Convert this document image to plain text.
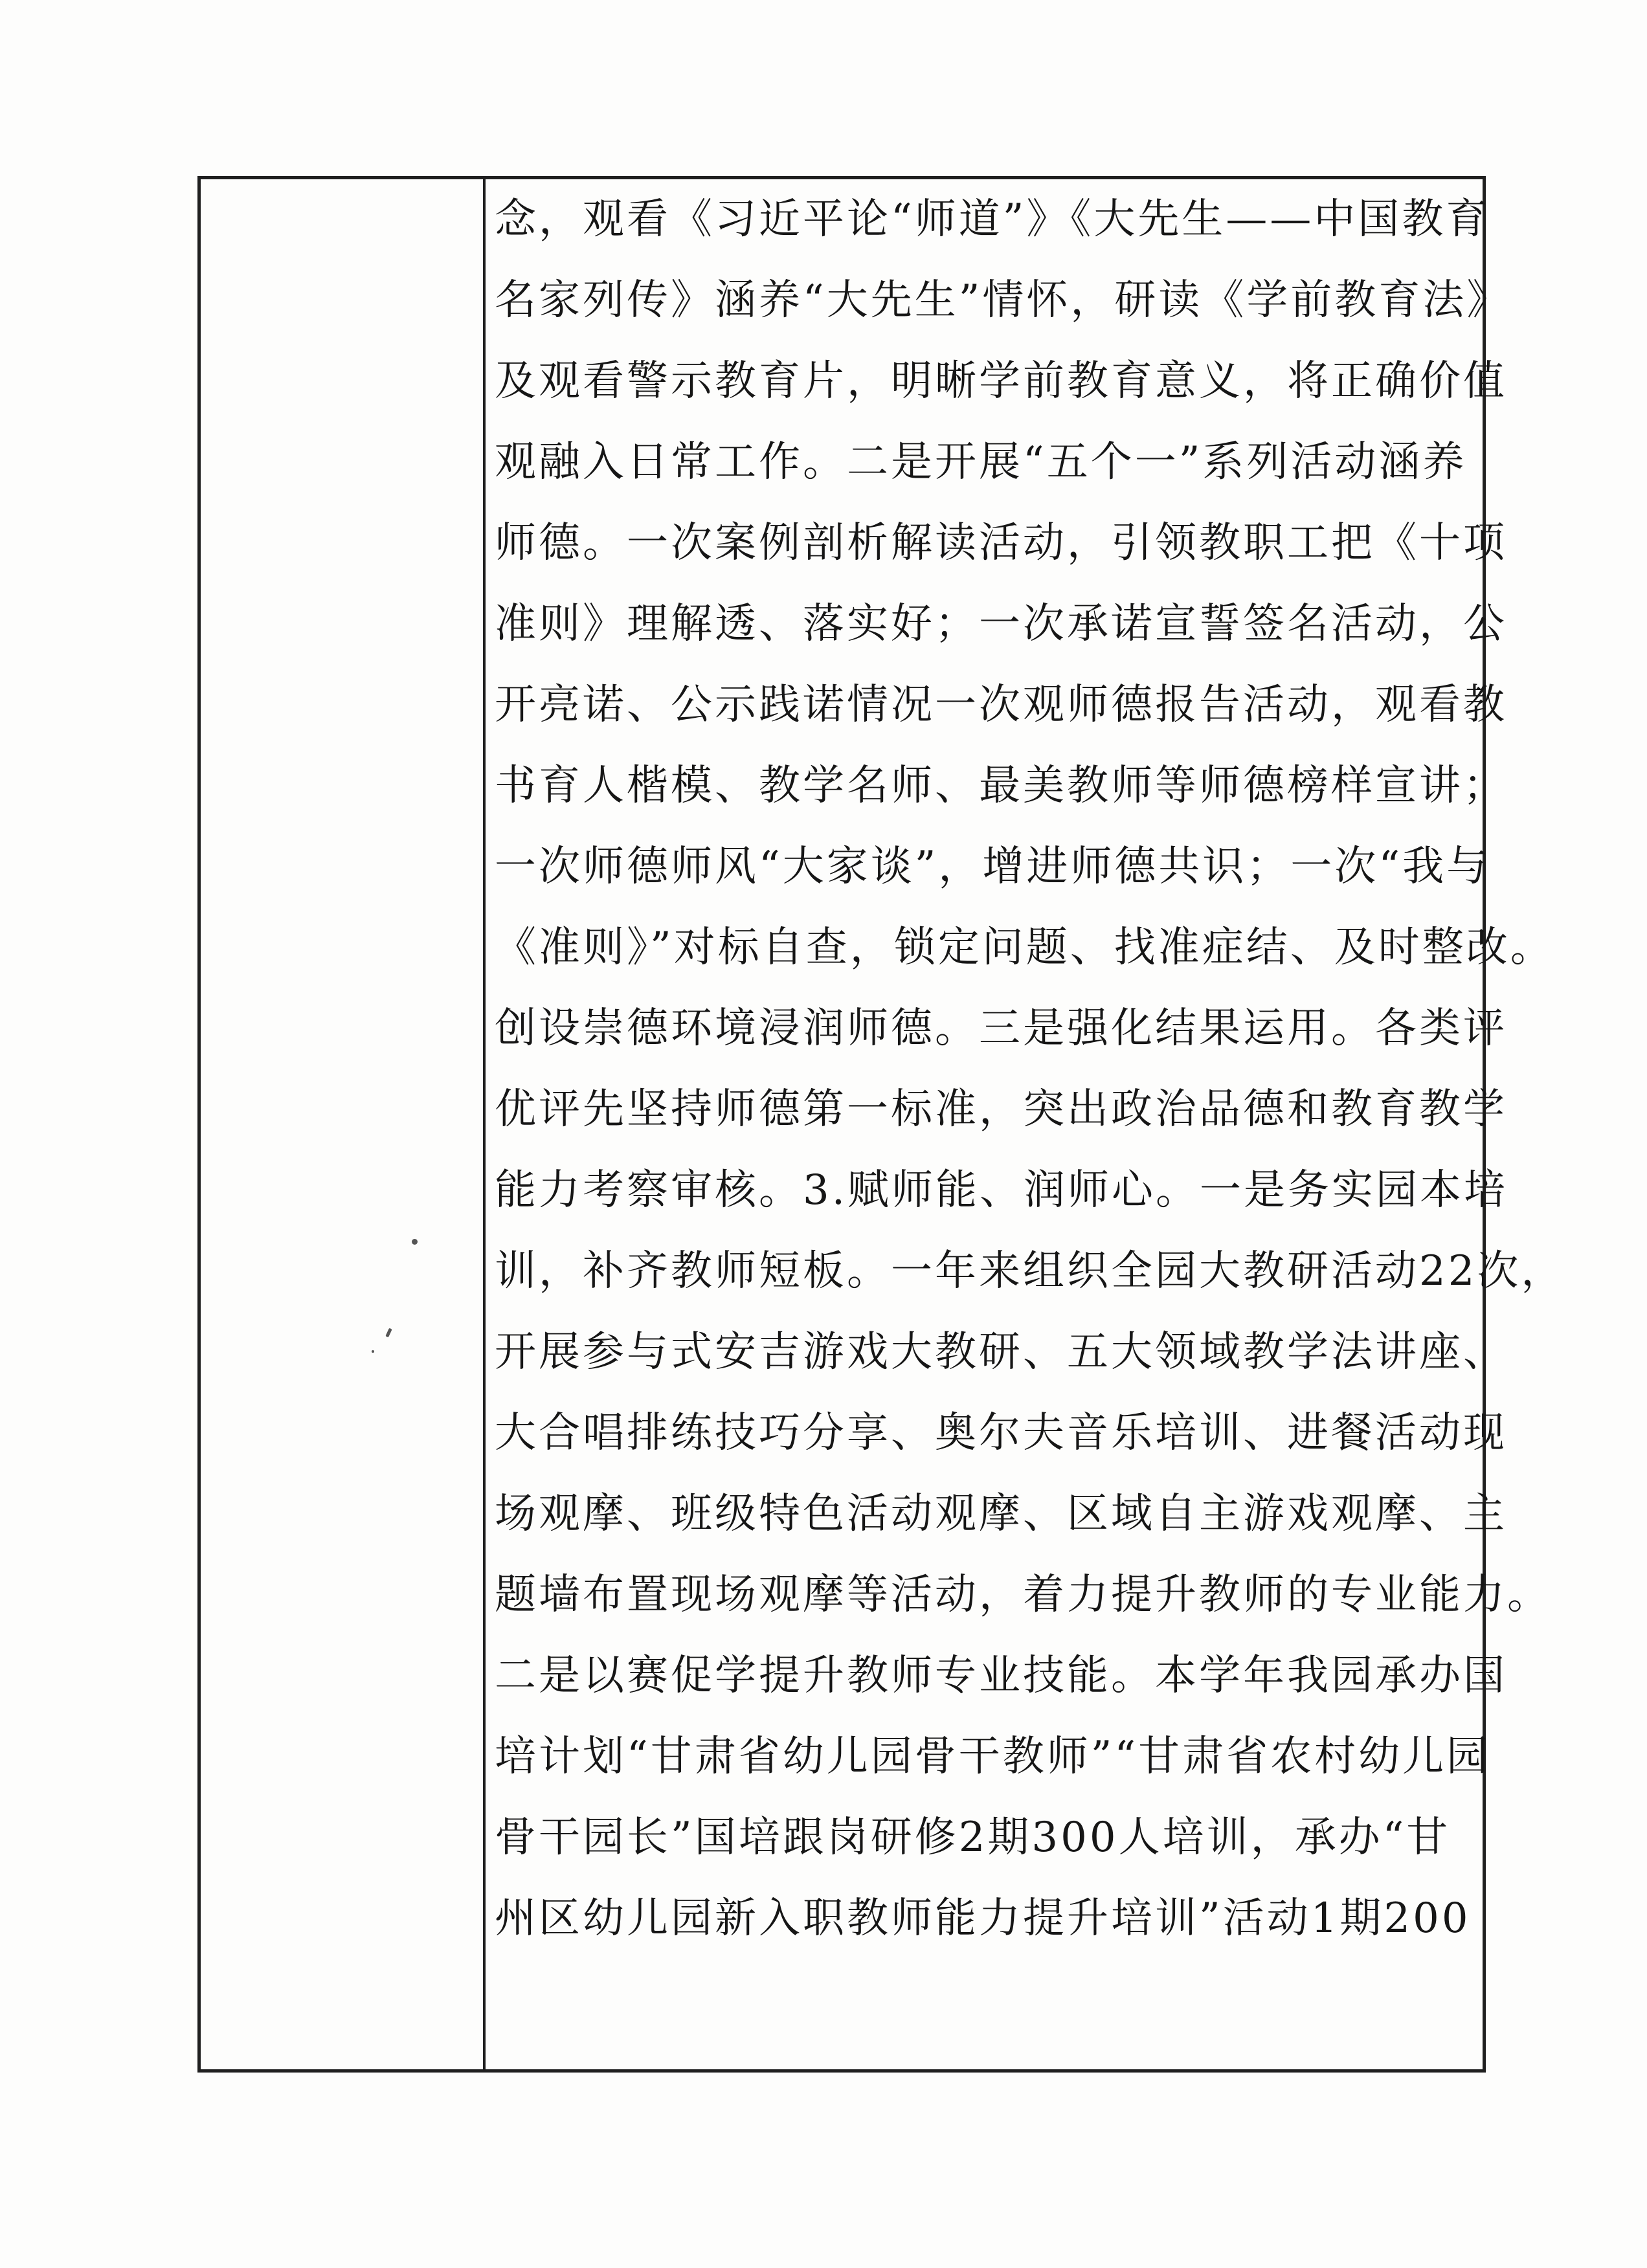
念，观看《习近平论“师道”》《大先生——中国教育
名家列传》涵养“大先生”情怀，研读《学前教育法》
及观看警示教育片，明晰学前教育意义，将正确价值
观融入日常工作。二是开展“五个一”系列活动涵养
师德。一次案例剖析解读活动，引领教职工把《十项
准则》理解透、落实好；一次承诺宣誓签名活动，公
开亮诺、公示践诺情况一次观师德报告活动，观看教
书育人楷模、教学名师、最美教师等师德榜样宣讲；
一次师德师风“大家谈”，增进师德共识；一次“我与
《准则》”对标自查，锁定问题、找准症结、及时整改。
创设崇德环境浸润师德。三是强化结果运用。各类评
优评先坚持师德第一标准，突出政治品德和教育教学
能力考察审核。3.赋师能、润师心。一是务实园本培
训，补齐教师短板。一年来组织全园大教研活动22次，
开展参与式安吉游戏大教研、五大领域教学法讲座、
大合唱排练技巧分享、奥尔夫音乐培训、进餐活动现
场观摩、班级特色活动观摩、区域自主游戏观摩、主
题墙布置现场观摩等活动，着力提升教师的专业能力。
二是以赛促学提升教师专业技能。本学年我园承办国
培计划“甘肃省幼儿园骨干教师”“甘肃省农村幼儿园
骨干园长”国培跟岗研修2期300人培训，承办“甘
州区幼儿园新入职教师能力提升培训”活动1期200
